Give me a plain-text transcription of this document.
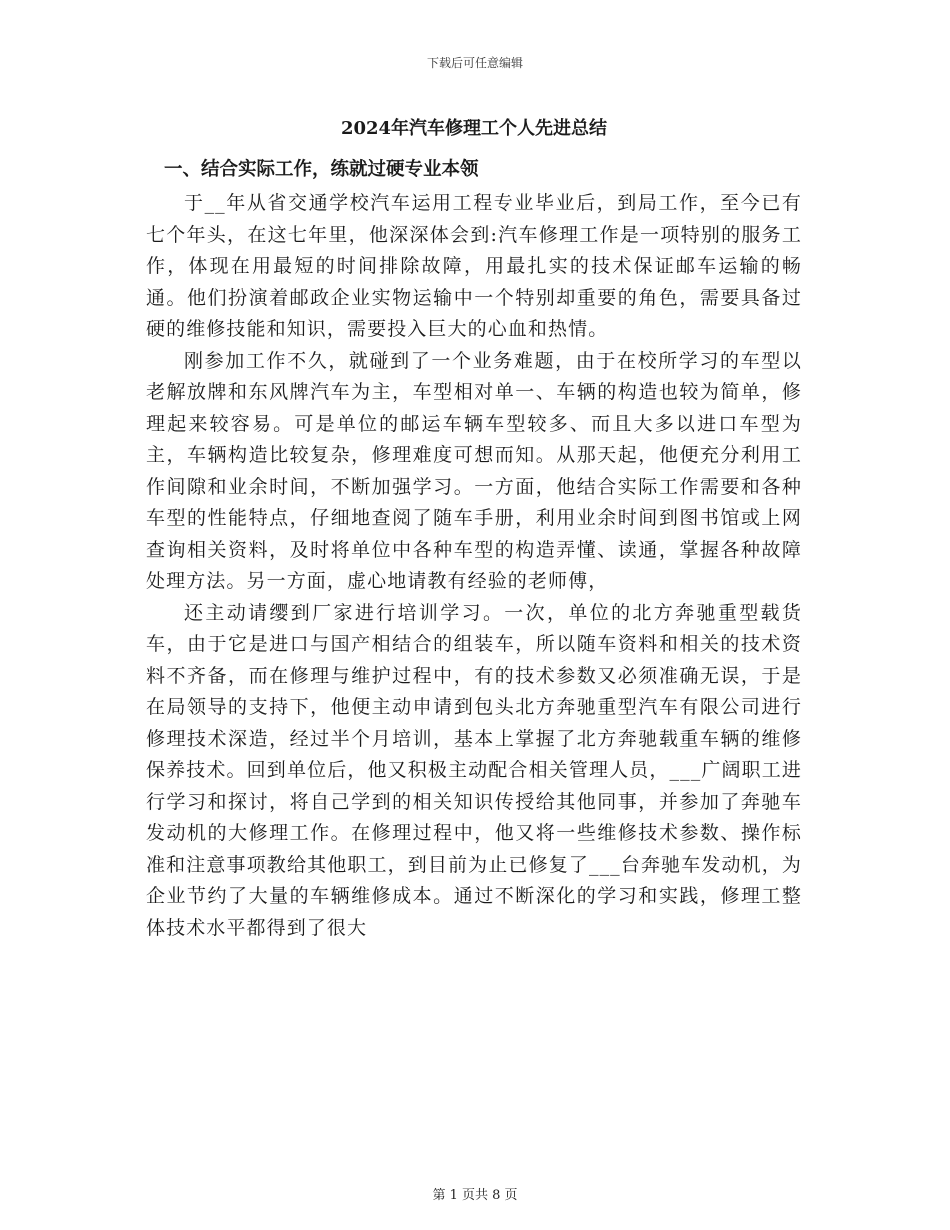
下载后可任意编辑
2024年汽车修理工个人先进总结
一、结合实际工作，练就过硬专业本领

于__年从省交通学校汽车运用工程专业毕业后，到局工作，至今已有七个年头，在这七年里，他深深体会到:汽车修理工作是一项特别的服务工作，体现在用最短的时间排除故障，用最扎实的技术保证邮车运输的畅通。他们扮演着邮政企业实物运输中一个特别却重要的角色，需要具备过硬的维修技能和知识，需要投入巨大的心血和热情。

刚参加工作不久，就碰到了一个业务难题，由于在校所学习的车型以老解放牌和东风牌汽车为主，车型相对单一、车辆的构造也较为简单，修理起来较容易。可是单位的邮运车辆车型较多、而且大多以进口车型为主，车辆构造比较复杂，修理难度可想而知。从那天起，他便充分利用工作间隙和业余时间，不断加强学习。一方面，他结合实际工作需要和各种车型的性能特点，仔细地查阅了随车手册，利用业余时间到图书馆或上网查询相关资料，及时将单位中各种车型的构造弄懂、读通，掌握各种故障处理方法。另一方面，虚心地请教有经验的老师傅，

还主动请缨到厂家进行培训学习。一次，单位的北方奔驰重型载货车，由于它是进口与国产相结合的组装车，所以随车资料和相关的技术资料不齐备，而在修理与维护过程中，有的技术参数又必须准确无误，于是在局领导的支持下，他便主动申请到包头北方奔驰重型汽车有限公司进行修理技术深造，经过半个月培训，基本上掌握了北方奔驰载重车辆的维修保养技术。回到单位后，他又积极主动配合相关管理人员，___广阔职工进行学习和探讨，将自己学到的相关知识传授给其他同事，并参加了奔驰车发动机的大修理工作。在修理过程中，他又将一些维修技术参数、操作标准和注意事项教给其他职工，到目前为止已修复了___台奔驰车发动机，为企业节约了大量的车辆维修成本。通过不断深化的学习和实践，修理工整体技术水平都得到了很大

第 1 页共 8 页
